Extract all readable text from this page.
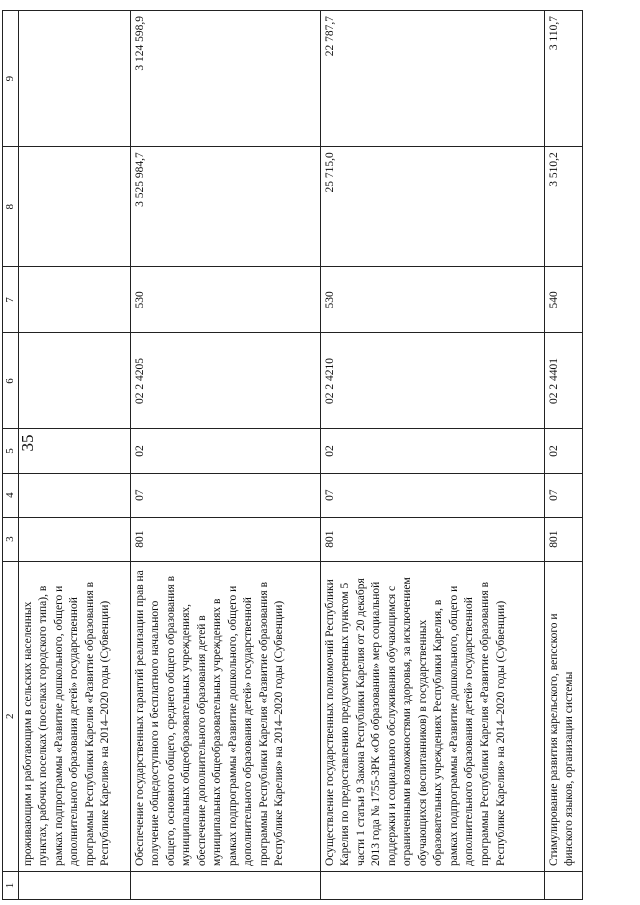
35
1	2	3	4	5	6	7	8	9
	проживающим и работающим в сельских населенных пунктах, рабочих поселках (поселках городского типа), в рамках подпрограммы «Развитие дошкольного, общего и дополнительного образования детей» государственной программы Республики Карелия «Развитие образования в Республике Карелия» на 2014–2020 годы (Субвенции)							
	Обеспечение государственных гарантий реализации прав на получение общедоступного и бесплатного начального общего, основного общего, среднего общего образования в муниципальных общеобразовательных учреждениях, обеспечение дополнительного образования детей в муниципальных общеобразовательных учреждениях в рамках подпрограммы «Развитие дошкольного, общего и дополнительного образования детей» государственной программы Республики Карелия «Развитие образования в Республике Карелия» на 2014–2020 годы (Субвенции)	801	07	02	02 2 4205	530	3 525 984,7	3 124 598,9
	Осуществление государственных полномочий Республики Карелия по предоставлению предусмотренных пунктом 5 части 1 статьи 9 Закона Республики Карелия от 20 декабря 2013 года № 1755-ЗРК «Об образовании» мер социальной поддержки и социального обслуживания обучающимся с ограниченными возможностями здоровья, за исключением обучающихся (воспитанников) в государственных образовательных учреждениях Республики Карелия, в рамках подпрограммы «Развитие дошкольного, общего и дополнительного образования детей» государственной программы Республики Карелия «Развитие образования в Республике Карелия» на 2014–2020 годы (Субвенции)	801	07	02	02 2 4210	530	25 715,0	22 787,7
	Стимулирование развития карельского, вепсского и финского языков, организации системы	801	07	02	02 2 4401	540	3 510,2	3 110,7
